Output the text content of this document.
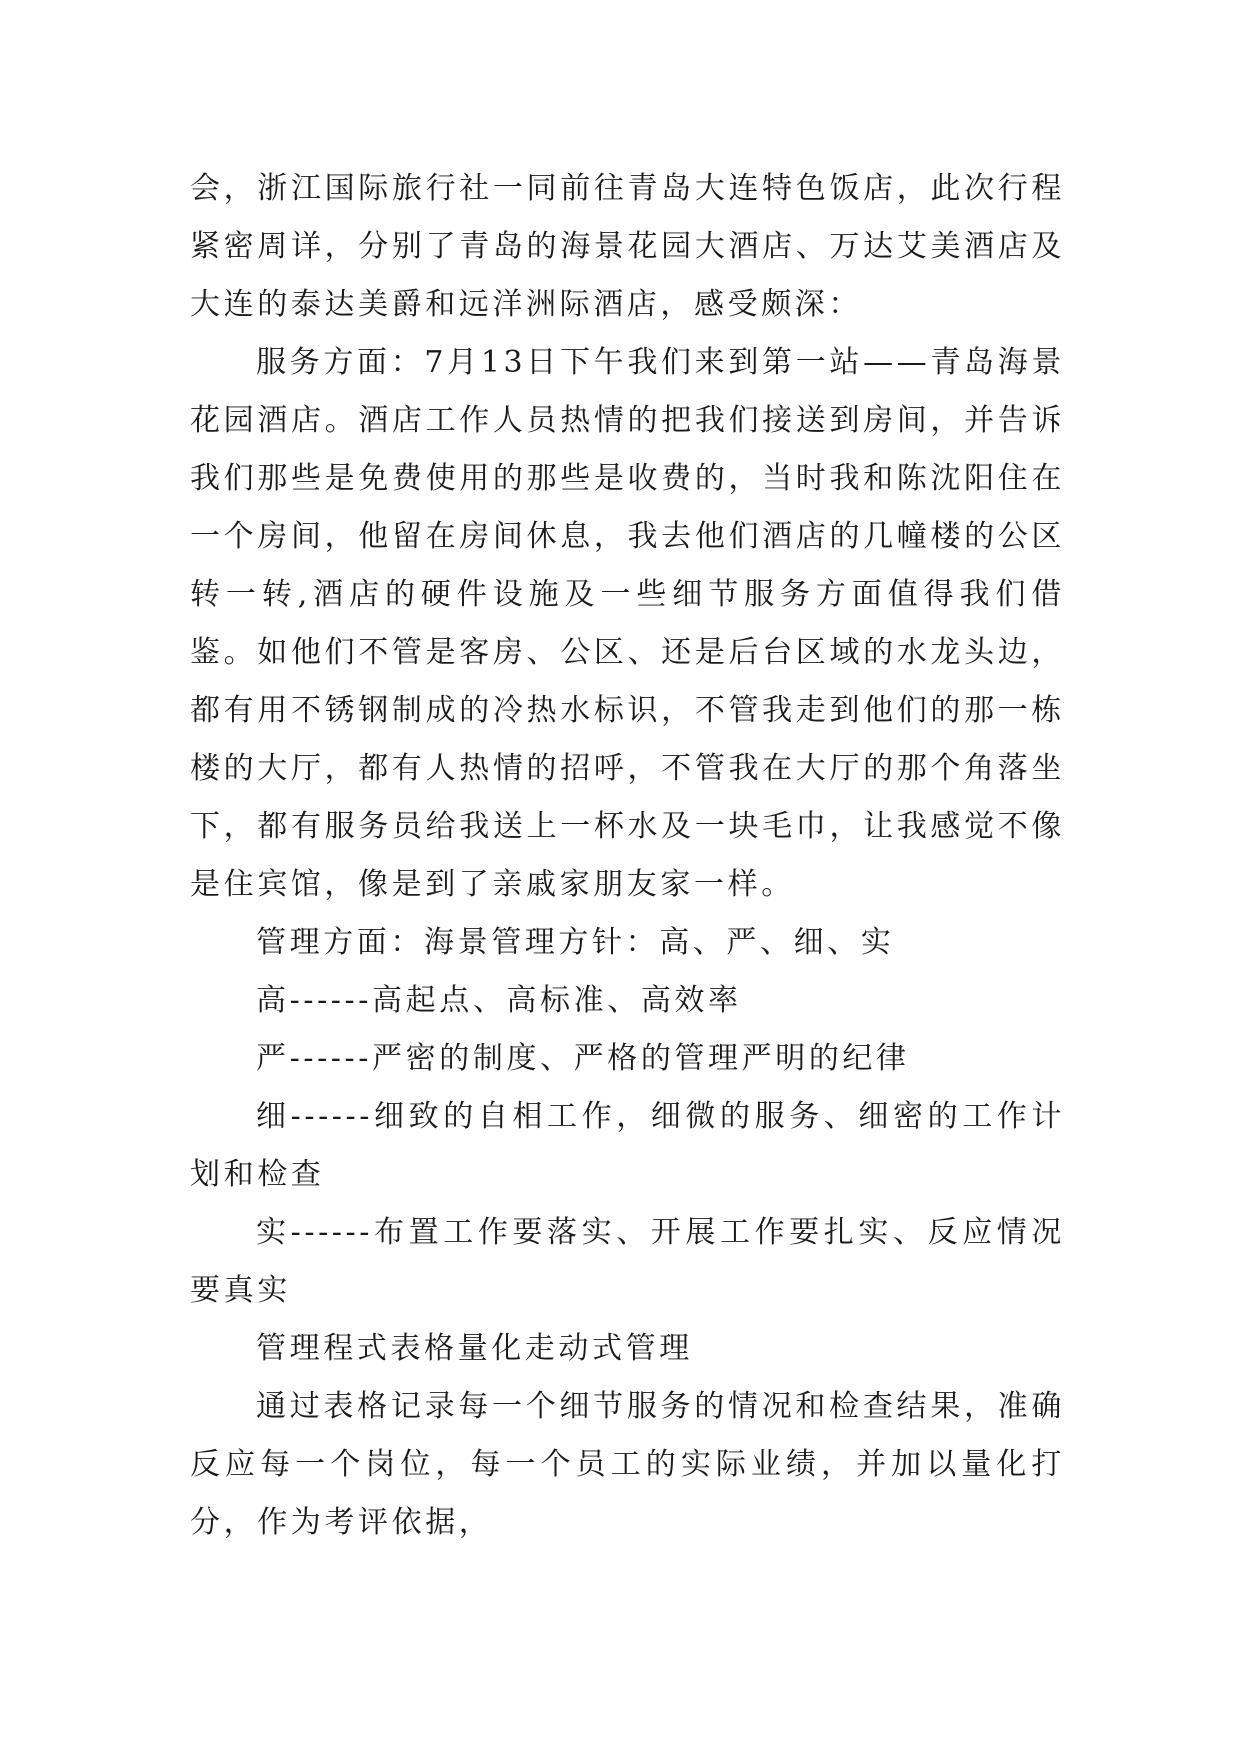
会，浙江国际旅行社一同前往青岛大连特色饭店，此次行程紧密周详，分别了青岛的海景花园大酒店、万达艾美酒店及大连的泰达美爵和远洋洲际酒店，感受颇深：

服务方面：7月13日下午我们来到第一站——青岛海景花园酒店。酒店工作人员热情的把我们接送到房间，并告诉我们那些是免费使用的那些是收费的，当时我和陈沈阳住在一个房间，他留在房间休息，我去他们酒店的几幢楼的公区转一转,酒店的硬件设施及一些细节服务方面值得我们借鉴。如他们不管是客房、公区、还是后台区域的水龙头边，都有用不锈钢制成的冷热水标识，不管我走到他们的那一栋楼的大厅，都有人热情的招呼，不管我在大厅的那个角落坐下，都有服务员给我送上一杯水及一块毛巾，让我感觉不像是住宾馆，像是到了亲戚家朋友家一样。

管理方面：海景管理方针：高、严、细、实

高------高起点、高标准、高效率

严------严密的制度、严格的管理严明的纪律

细------细致的自相工作，细微的服务、细密的工作计划和检查

实------布置工作要落实、开展工作要扎实、反应情况要真实

管理程式表格量化走动式管理

通过表格记录每一个细节服务的情况和检查结果，准确反应每一个岗位，每一个员工的实际业绩，并加以量化打分，作为考评依据，
